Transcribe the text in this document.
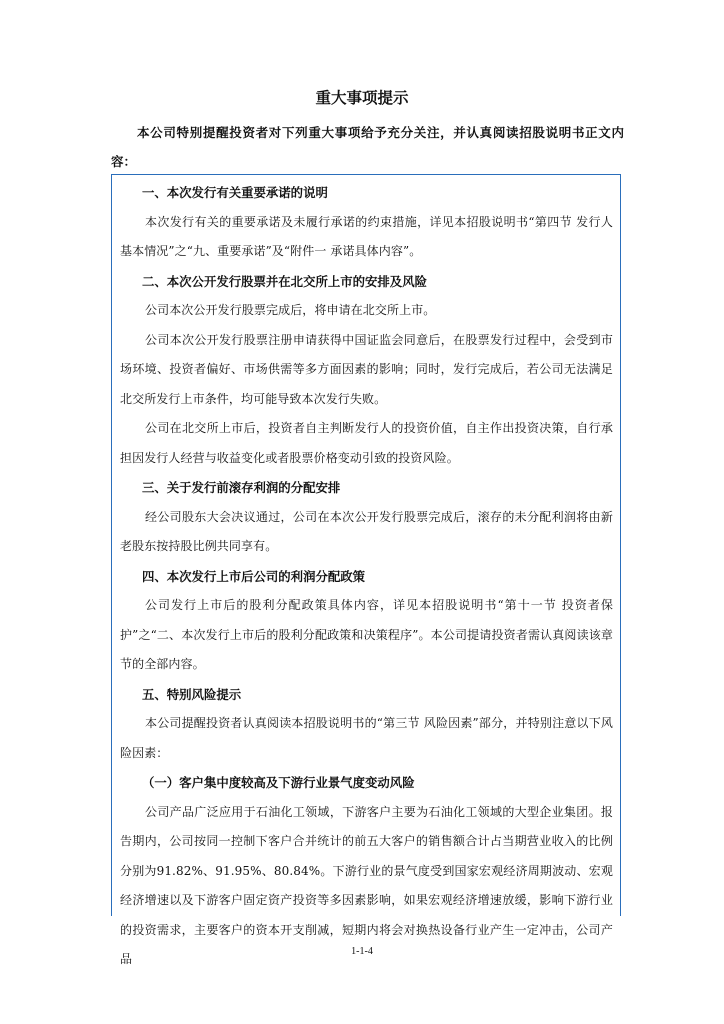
重大事项提示
本公司特别提醒投资者对下列重大事项给予充分关注，并认真阅读招股说明书正文内容：

一、本次发行有关重要承诺的说明

本次发行有关的重要承诺及未履行承诺的约束措施，详见本招股说明书“第四节 发行人基本情况”之“九、重要承诺”及“附件一 承诺具体内容”。

二、本次公开发行股票并在北交所上市的安排及风险

公司本次公开发行股票完成后，将申请在北交所上市。

公司本次公开发行股票注册申请获得中国证监会同意后，在股票发行过程中，会受到市场环境、投资者偏好、市场供需等多方面因素的影响；同时，发行完成后，若公司无法满足北交所发行上市条件，均可能导致本次发行失败。

公司在北交所上市后，投资者自主判断发行人的投资价值，自主作出投资决策，自行承担因发行人经营与收益变化或者股票价格变动引致的投资风险。

三、关于发行前滚存利润的分配安排

经公司股东大会决议通过，公司在本次公开发行股票完成后，滚存的未分配利润将由新老股东按持股比例共同享有。

四、本次发行上市后公司的利润分配政策

公司发行上市后的股利分配政策具体内容，详见本招股说明书“第十一节 投资者保护”之“二、本次发行上市后的股利分配政策和决策程序”。本公司提请投资者需认真阅读该章节的全部内容。

五、特别风险提示

本公司提醒投资者认真阅读本招股说明书的“第三节 风险因素”部分，并特别注意以下风险因素：

（一）客户集中度较高及下游行业景气度变动风险

公司产品广泛应用于石油化工领域，下游客户主要为石油化工领域的大型企业集团。报告期内，公司按同一控制下客户合并统计的前五大客户的销售额合计占当期营业收入的比例分别为91.82%、91.95%、80.84%。下游行业的景气度受到国家宏观经济周期波动、宏观经济增速以及下游客户固定资产投资等多因素影响，如果宏观经济增速放缓，影响下游行业的投资需求，主要客户的资本开支削减，短期内将会对换热设备行业产生一定冲击，公司产品

1-1-4
